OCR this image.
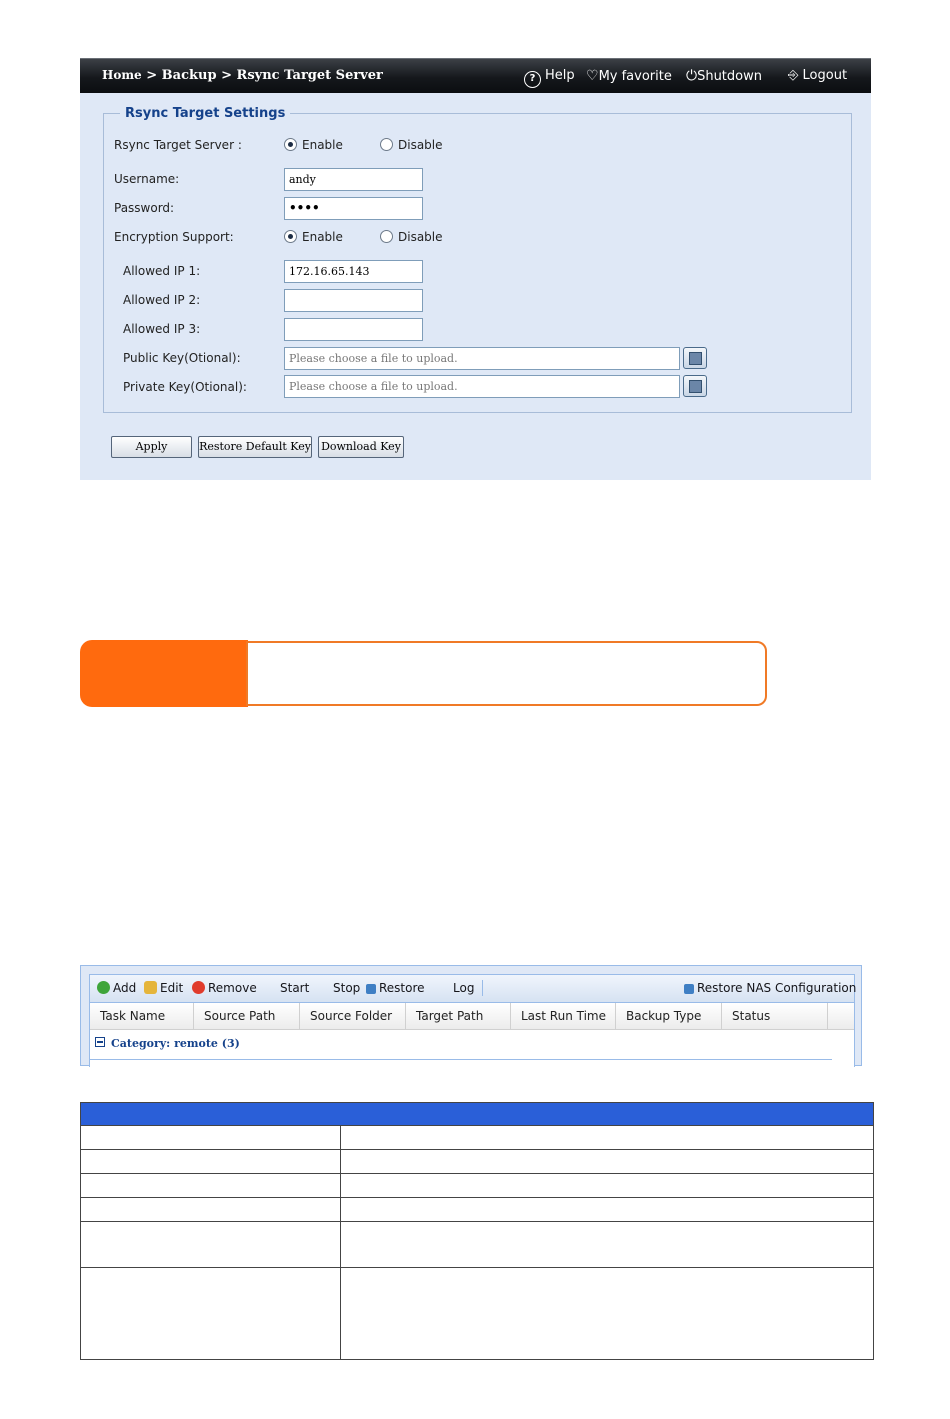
Home > Backup > Rsync Target Server	? Help ♡My favorite ⏻Shutdown ⎆ Logout
Rsync Target Settings
Rsync Target Server :	Enable	Disable
Username:	andy
Password:	••••
Encryption Support:	Enable	Disable
Allowed IP 1:	172.16.65.143
Allowed IP 2:
Allowed IP 3:
Public Key(Otional):	Please choose a file to upload.
Private Key(Otional):	Please choose a file to upload.
Apply	Restore Default Key Download Key
Add	Edit	Remove Start Stop	Restore Log	Restore NAS Configuration
Task Name	Source Path	Source Folder	Target Path	Last Run Time	Backup Type	Status
Category: remote (3)
